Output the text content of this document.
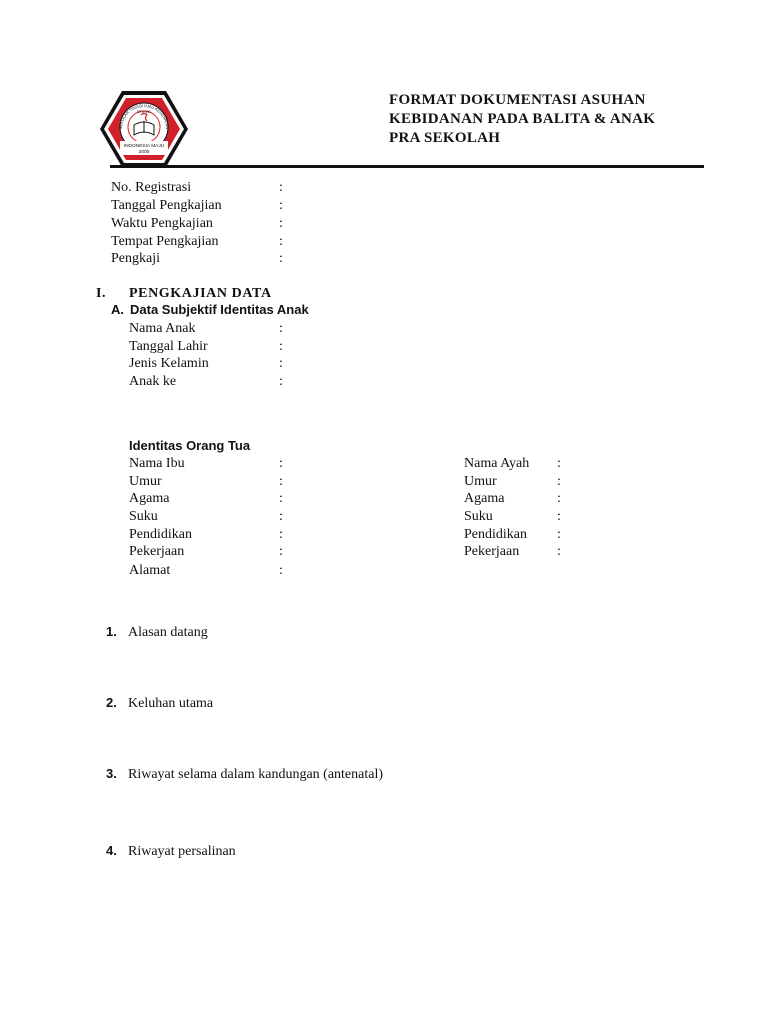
INDONESIA MAJU
2000
STIKES
SEKOLAH TINGGI ILMU KESEHATAN
FORMAT DOKUMENTASI ASUHAN
KEBIDANAN PADA BALITA & ANAK
PRA SEKOLAH
No. Registrasi	:
Tanggal Pengkajian	:
Waktu Pengkajian	:
Tempat Pengkajian	:
Pengkaji	:
I. PENGKAJIAN DATA
A. Data Subjektif Identitas Anak
Nama Anak	:
Tanggal Lahir	:
Jenis Kelamin	:
Anak ke	:
Identitas Orang Tua
Nama Ibu	:
Umur	:
Agama	:
Suku	:
Pendidikan	:
Pekerjaan	:
Alamat	:
Nama Ayah :
Umur	:
Agama	:
Suku	:
Pendidikan :
Pekerjaan	:
1. Alasan datang
2. Keluhan utama
3. Riwayat selama dalam kandungan (antenatal)
4. Riwayat persalinan
